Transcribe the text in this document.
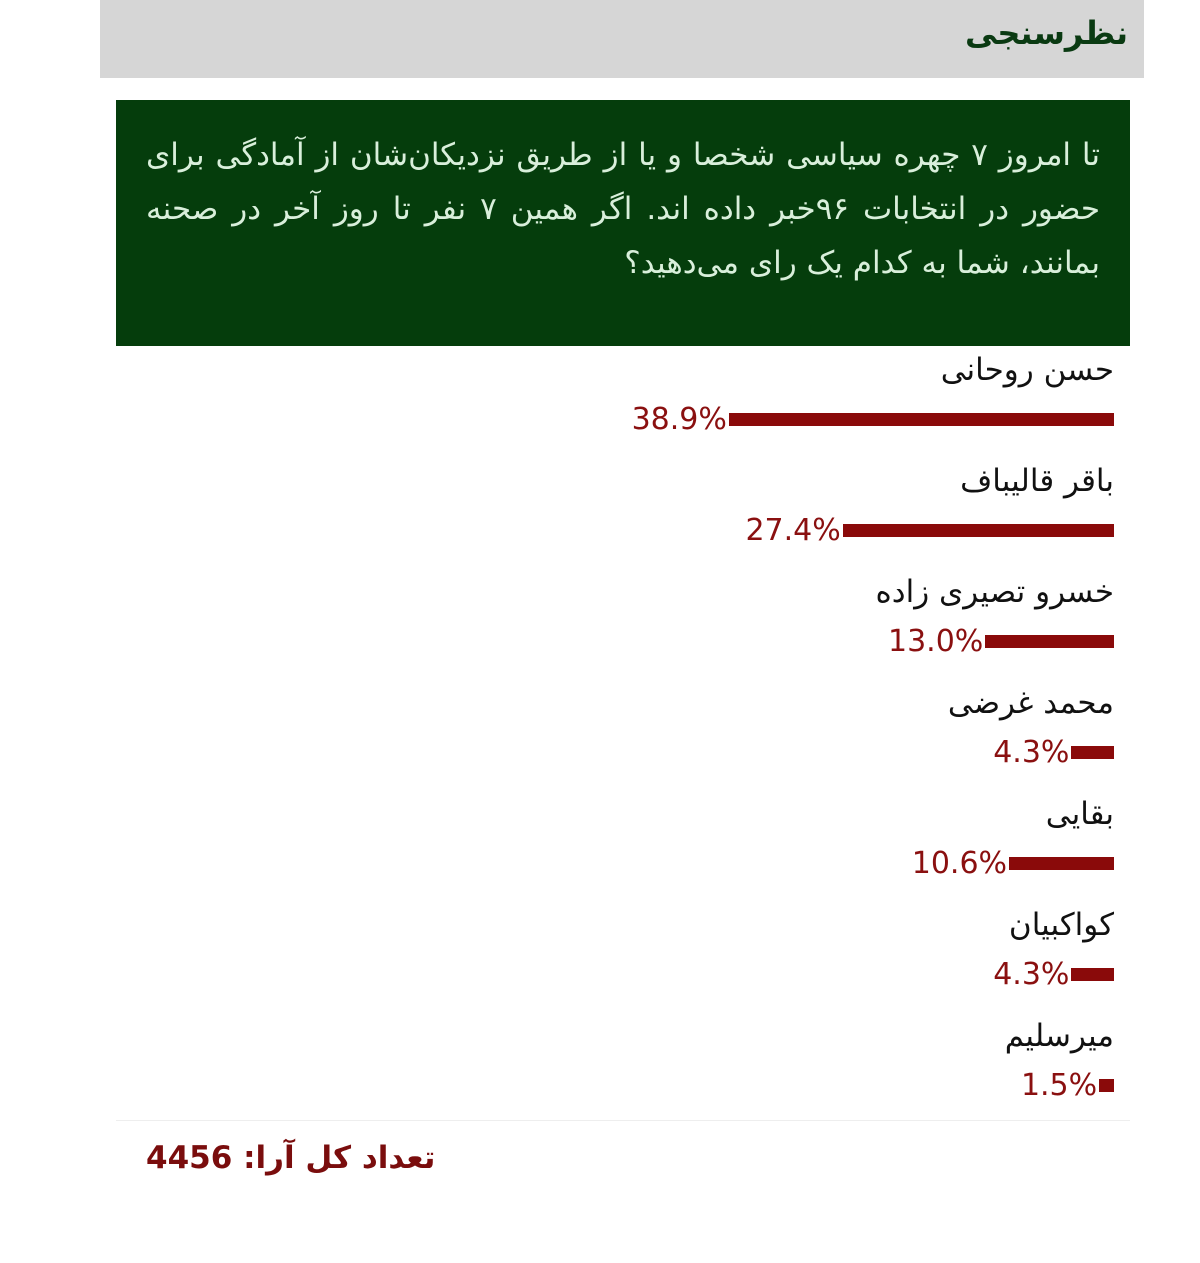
نظرسنجی
تا امروز ۷ چهره سیاسی شخصا و یا از طریق نزدیکان‌شان از آمادگی برای حضور در انتخابات ۹۶خبر داده اند. اگر همین ۷ نفر تا روز آخر در صحنه بمانند، شما به کدام یک رای می‌دهید؟
حسن روحانی
38.9%
باقر قالیباف
27.4%
خسرو تصیری زاده
13.0%
محمد غرضی
4.3%
بقایی
10.6%
کواکبیان
4.3%
میرسلیم
1.5%
تعداد کل آرا: 4456
